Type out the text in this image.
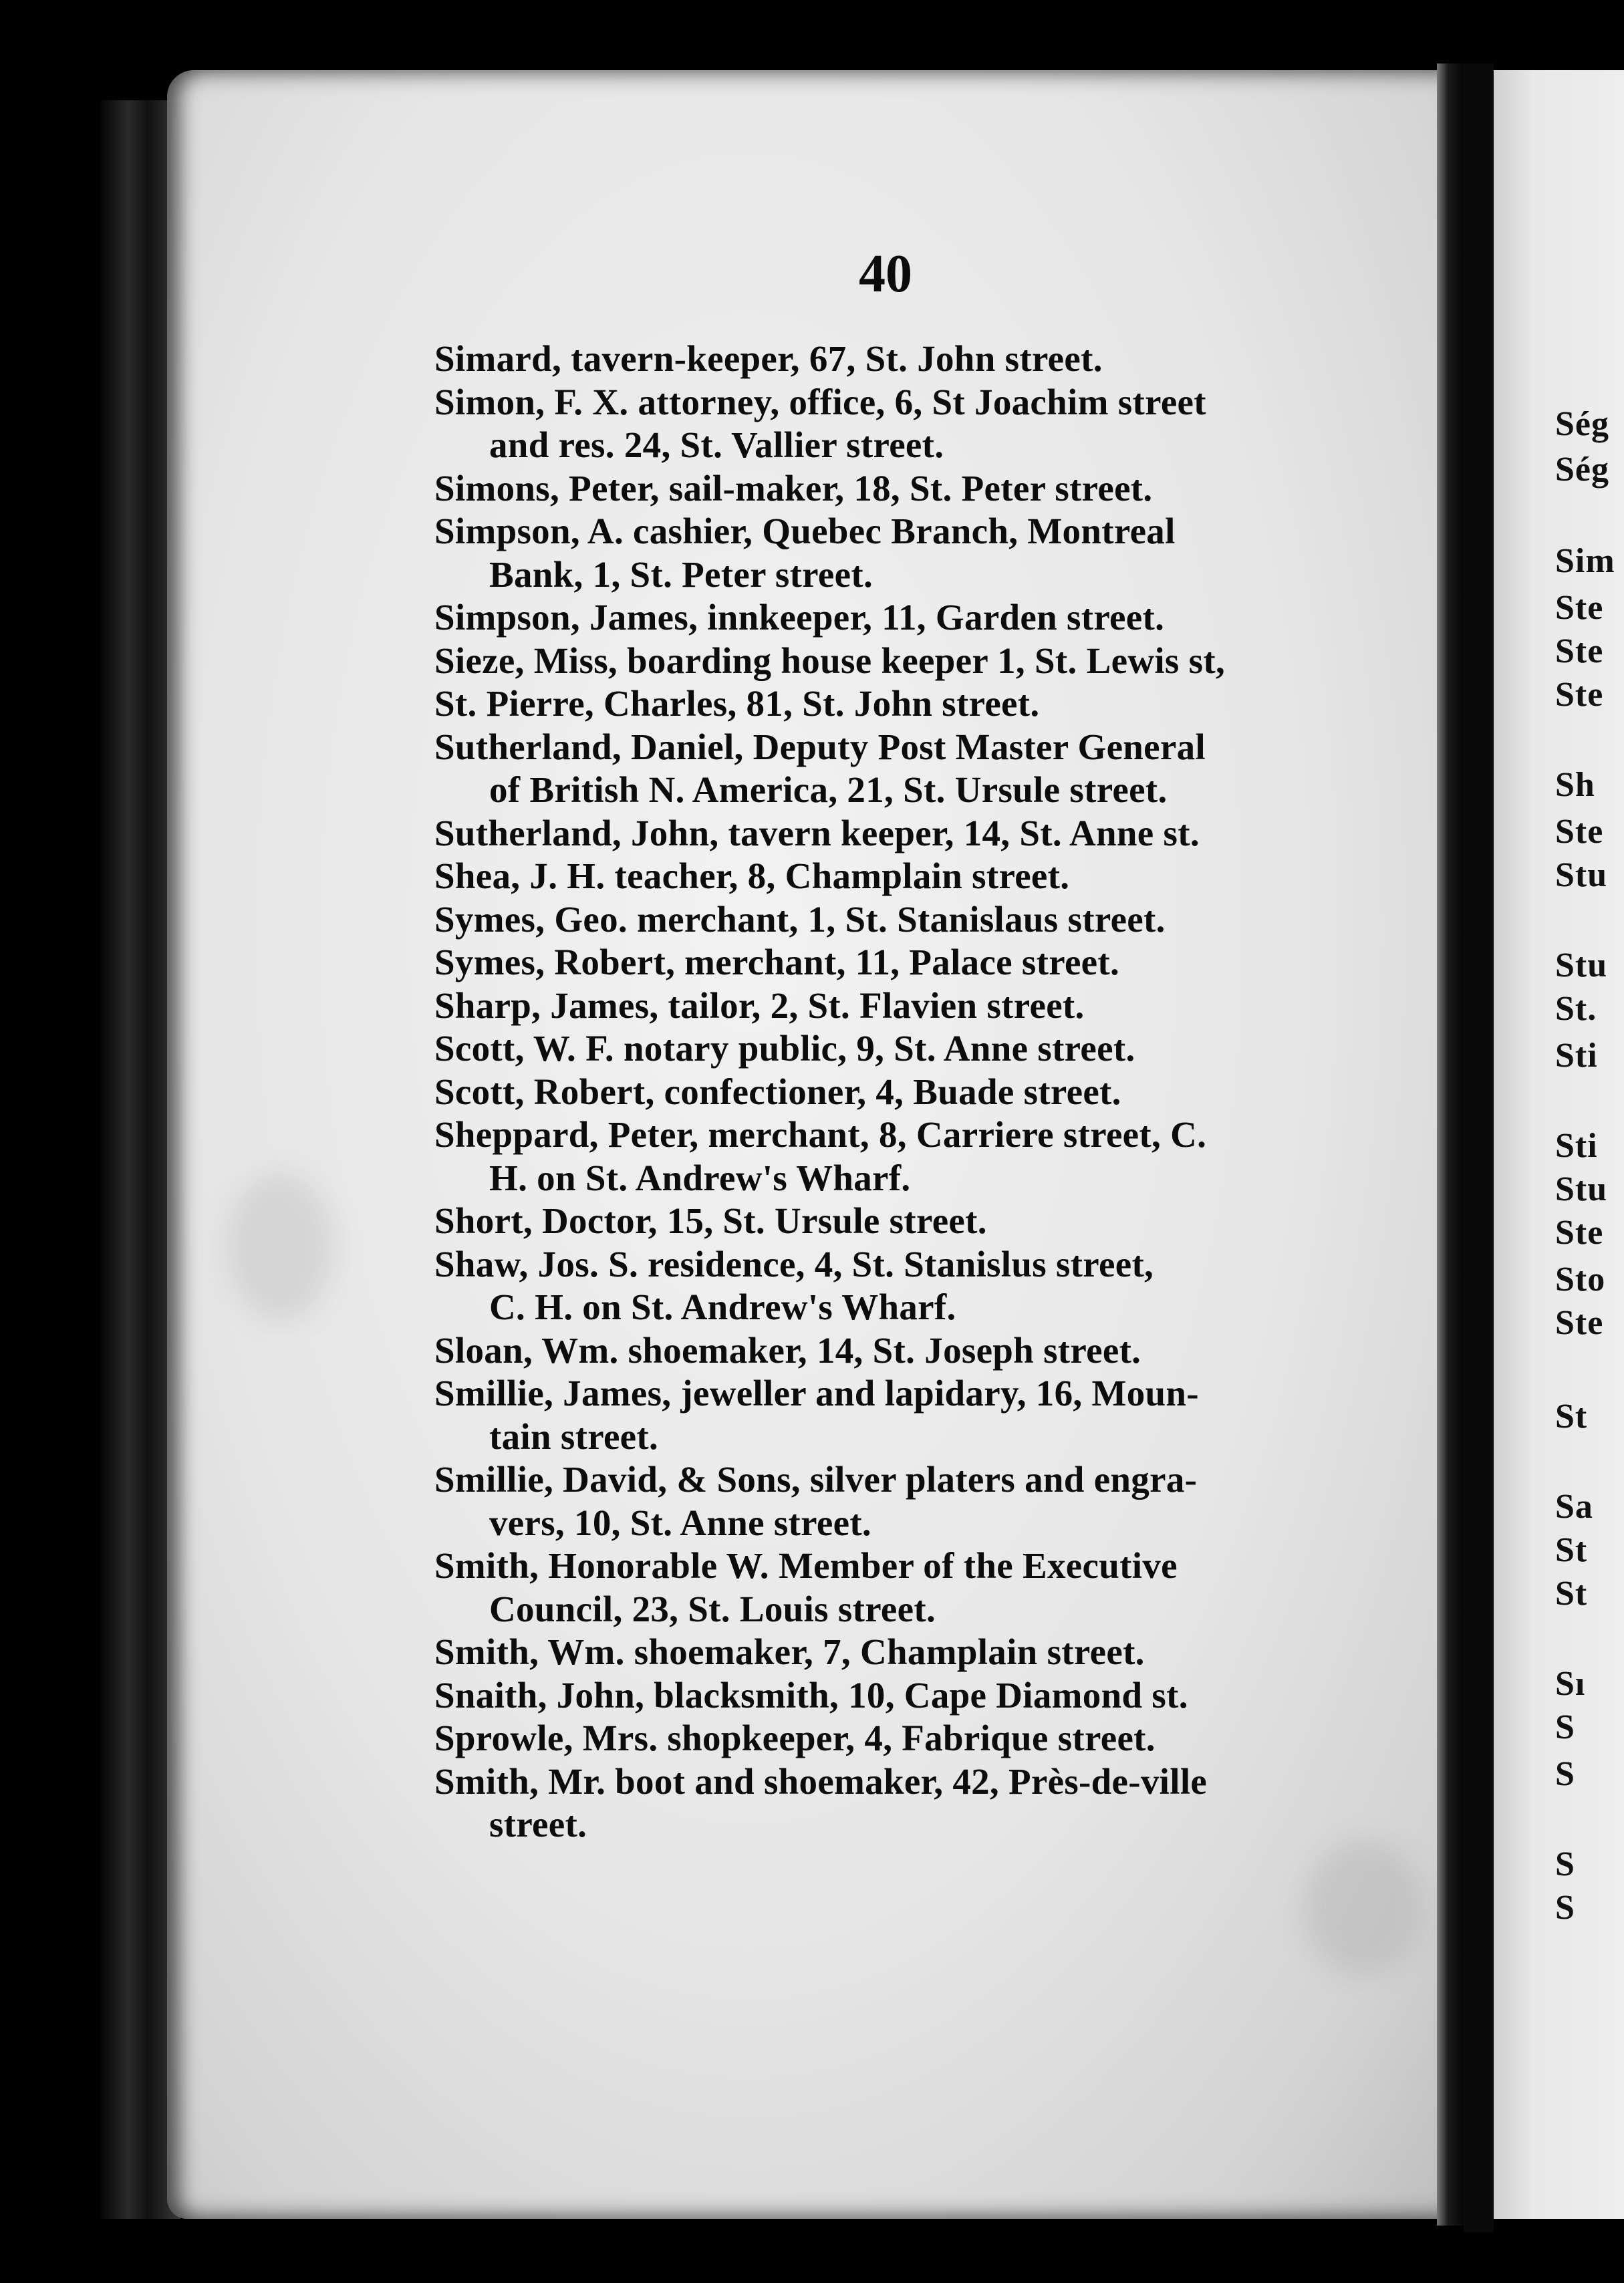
Ség
Ség
Sim
Ste
Ste
Ste
Sh
Ste
Stu
Stu
St.
Sti
Sti
Stu
Ste
Sto
Ste
St
Sa
St
St
Sı
S
S
S
S
40
Simard, tavern-keeper, 67, St. John street.
Simon, F. X. attorney, office, 6, St Joachim street
and res. 24, St. Vallier street.
Simons, Peter, sail-maker, 18, St. Peter street.
Simpson, A. cashier, Quebec Branch, Montreal
Bank, 1, St. Peter street.
Simpson, James, innkeeper, 11, Garden street.
Sieze, Miss, boarding house keeper 1, St. Lewis st,
St. Pierre, Charles, 81, St. John street.
Sutherland, Daniel, Deputy Post Master General
of British N. America, 21, St. Ursule street.
Sutherland, John, tavern keeper, 14, St. Anne st.
Shea, J. H. teacher, 8, Champlain street.
Symes, Geo. merchant, 1, St. Stanislaus street.
Symes, Robert, merchant, 11, Palace street.
Sharp, James, tailor, 2, St. Flavien street.
Scott, W. F. notary public, 9, St. Anne street.
Scott, Robert, confectioner, 4, Buade street.
Sheppard, Peter, merchant, 8, Carriere street, C.
H. on St. Andrew's Wharf.
Short, Doctor, 15, St. Ursule street.
Shaw, Jos. S. residence, 4, St. Stanislus street,
C. H. on St. Andrew's Wharf.
Sloan, Wm. shoemaker, 14, St. Joseph street.
Smillie, James, jeweller and lapidary, 16, Moun-
tain street.
Smillie, David, & Sons, silver platers and engra-
vers, 10, St. Anne street.
Smith, Honorable W. Member of the Executive
Council, 23, St. Louis street.
Smith, Wm. shoemaker, 7, Champlain street.
Snaith, John, blacksmith, 10, Cape Diamond st.
Sprowle, Mrs. shopkeeper, 4, Fabrique street.
Smith, Mr. boot and shoemaker, 42, Près-de-ville
street.
